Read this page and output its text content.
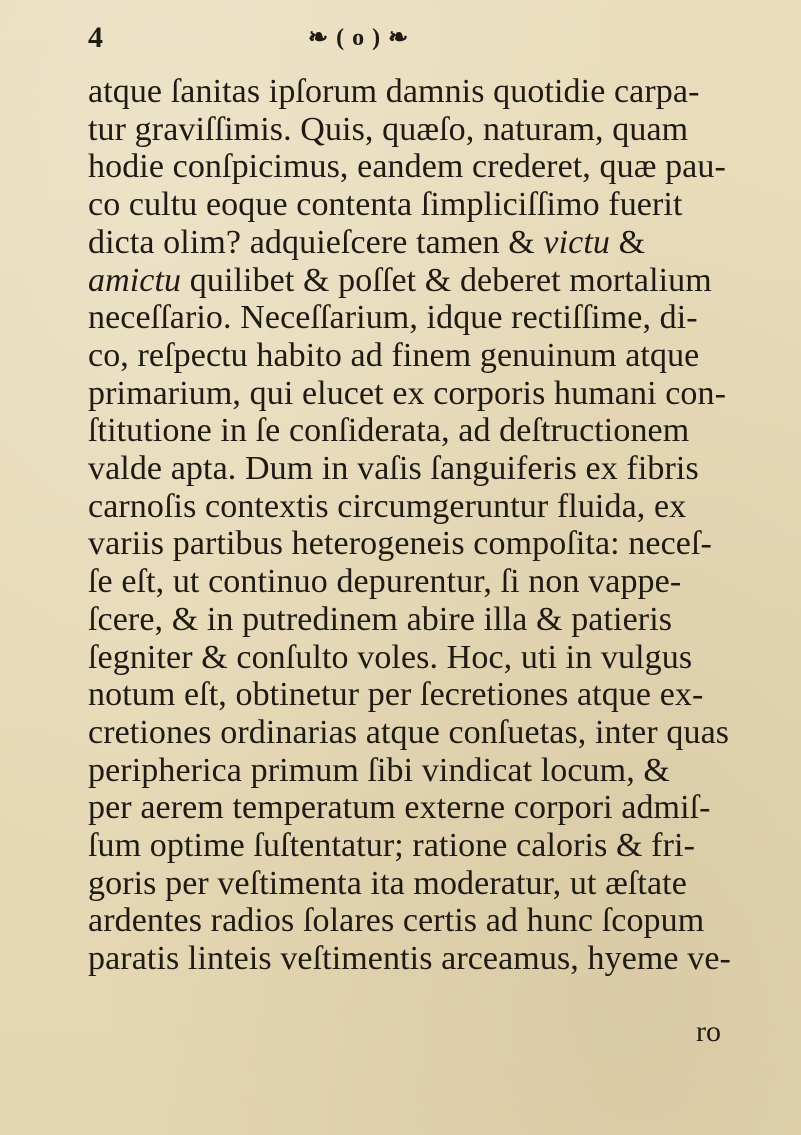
4	❧ ( o ) ❧
atque ſanitas ipſorum damnis quotidie carpa-
tur graviſſimis. Quis, quæſo, naturam, quam
hodie conſpicimus, eandem crederet, quæ pau-
co cultu eoque contenta ſimpliciſſimo fuerit
dicta olim? adquieſcere tamen & victu &
amictu quilibet & poſſet & deberet mortalium
neceſſario. Neceſſarium, idque rectiſſime, di-
co, reſpectu habito ad finem genuinum atque
primarium, qui elucet ex corporis humani con-
ſtitutione in ſe conſiderata, ad deſtructionem
valde apta. Dum in vaſis ſanguiferis ex fibris
carnoſis contextis circumgeruntur fluida, ex
variis partibus heterogeneis compoſita: neceſ-
ſe eſt, ut continuo depurentur, ſi non vappe-
ſcere, & in putredinem abire illa & patieris
ſegniter & conſulto voles. Hoc, uti in vulgus
notum eſt, obtinetur per ſecretiones atque ex-
cretiones ordinarias atque conſuetas, inter quas
peripherica primum ſibi vindicat locum, &
per aerem temperatum externe corpori admiſ-
ſum optime ſuſtentatur; ratione caloris & fri-
goris per veſtimenta ita moderatur, ut æſtate
ardentes radios ſolares certis ad hunc ſcopum
paratis linteis veſtimentis arceamus, hyeme ve-
ro
